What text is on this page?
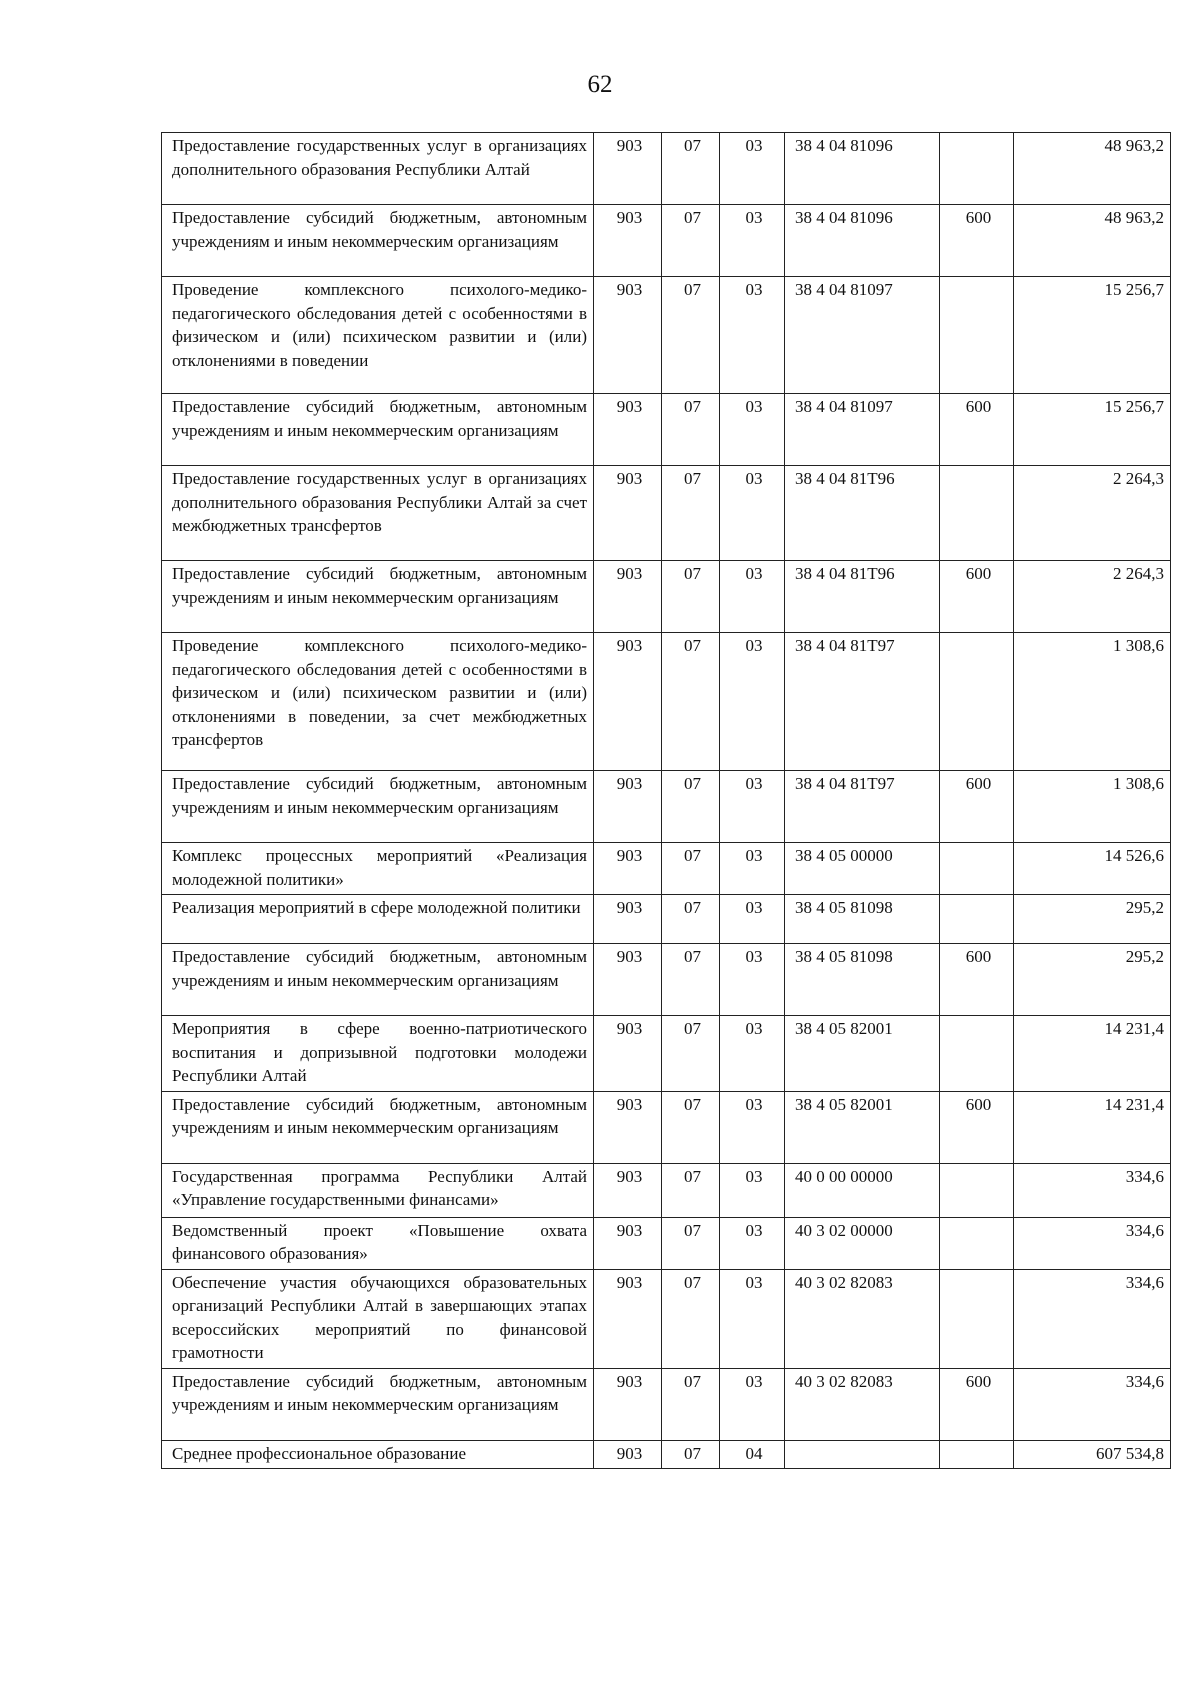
62
Предоставление государственных услуг в организациях дополнительного образования Республики Алтай	903	07	03	38 4 04 81096		48 963,2
Предоставление субсидий бюджетным, автономным учреждениям и иным некоммерческим организациям	903	07	03	38 4 04 81096	600	48 963,2
Проведение комплексного психолого-медико-педагогического обследования детей с особенностями в физическом и (или) психическом развитии и (или) отклонениями в поведении	903	07	03	38 4 04 81097		15 256,7
Предоставление субсидий бюджетным, автономным учреждениям и иным некоммерческим организациям	903	07	03	38 4 04 81097	600	15 256,7
Предоставление государственных услуг в организациях дополнительного образования Республики Алтай за счет межбюджетных трансфертов	903	07	03	38 4 04 81Т96		2 264,3
Предоставление субсидий бюджетным, автономным учреждениям и иным некоммерческим организациям	903	07	03	38 4 04 81Т96	600	2 264,3
Проведение комплексного психолого-медико-педагогического обследования детей с особенностями в физическом и (или) психическом развитии и (или) отклонениями в поведении, за счет межбюджетных трансфертов	903	07	03	38 4 04 81Т97		1 308,6
Предоставление субсидий бюджетным, автономным учреждениям и иным некоммерческим организациям	903	07	03	38 4 04 81Т97	600	1 308,6
Комплекс процессных мероприятий «Реализация молодежной политики»	903	07	03	38 4 05 00000		14 526,6
Реализация мероприятий в сфере молодежной политики	903	07	03	38 4 05 81098		295,2
Предоставление субсидий бюджетным, автономным учреждениям и иным некоммерческим организациям	903	07	03	38 4 05 81098	600	295,2
Мероприятия в сфере военно-патриотического воспитания и допризывной подготовки молодежи Республики Алтай	903	07	03	38 4 05 82001		14 231,4
Предоставление субсидий бюджетным, автономным учреждениям и иным некоммерческим организациям	903	07	03	38 4 05 82001	600	14 231,4
Государственная программа Республики Алтай «Управление государственными финансами»	903	07	03	40 0 00 00000		334,6
Ведомственный проект «Повышение охвата финансового образования»	903	07	03	40 3 02 00000		334,6
Обеспечение участия обучающихся образовательных организаций Республики Алтай в завершающих этапах всероссийских мероприятий по финансовой грамотности	903	07	03	40 3 02 82083		334,6
Предоставление субсидий бюджетным, автономным учреждениям и иным некоммерческим организациям	903	07	03	40 3 02 82083	600	334,6
Среднее профессиональное образование	903	07	04			607 534,8
